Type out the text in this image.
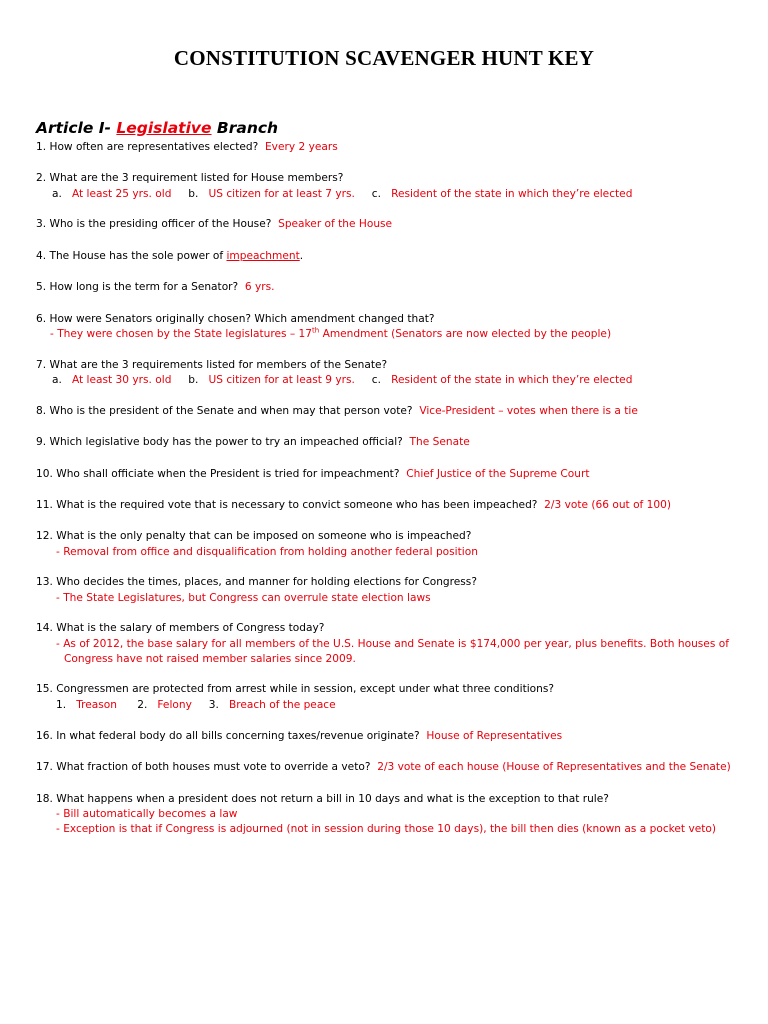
CONSTITUTION SCAVENGER HUNT KEY
Article I- Legislative Branch
1. How often are representatives elected? Every 2 years
2. What are the 3 requirement listed for House members?
a. At least 25 yrs. old b. US citizen for at least 7 yrs. c. Resident of the state in which they’re elected
3. Who is the presiding officer of the House? Speaker of the House
4. The House has the sole power of impeachment.
5. How long is the term for a Senator? 6 yrs.
6. How were Senators originally chosen? Which amendment changed that?
- They were chosen by the State legislatures – 17th Amendment (Senators are now elected by the people)
7. What are the 3 requirements listed for members of the Senate?
a. At least 30 yrs. old b. US citizen for at least 9 yrs. c. Resident of the state in which they’re elected
8. Who is the president of the Senate and when may that person vote? Vice-President – votes when there is a tie
9. Which legislative body has the power to try an impeached official? The Senate
10. Who shall officiate when the President is tried for impeachment? Chief Justice of the Supreme Court
11. What is the required vote that is necessary to convict someone who has been impeached? 2/3 vote (66 out of 100)
12. What is the only penalty that can be imposed on someone who is impeached?
- Removal from office and disqualification from holding another federal position
13. Who decides the times, places, and manner for holding elections for Congress?
- The State Legislatures, but Congress can overrule state election laws
14. What is the salary of members of Congress today?
- As of 2012, the base salary for all members of the U.S. House and Senate is $174,000 per year, plus benefits. Both houses of
Congress have not raised member salaries since 2009.
15. Congressmen are protected from arrest while in session, except under what three conditions?
1. Treason 2. Felony 3. Breach of the peace
16. In what federal body do all bills concerning taxes/revenue originate? House of Representatives
17. What fraction of both houses must vote to override a veto? 2/3 vote of each house (House of Representatives and the Senate)
18. What happens when a president does not return a bill in 10 days and what is the exception to that rule?
- Bill automatically becomes a law
- Exception is that if Congress is adjourned (not in session during those 10 days), the bill then dies (known as a pocket veto)
